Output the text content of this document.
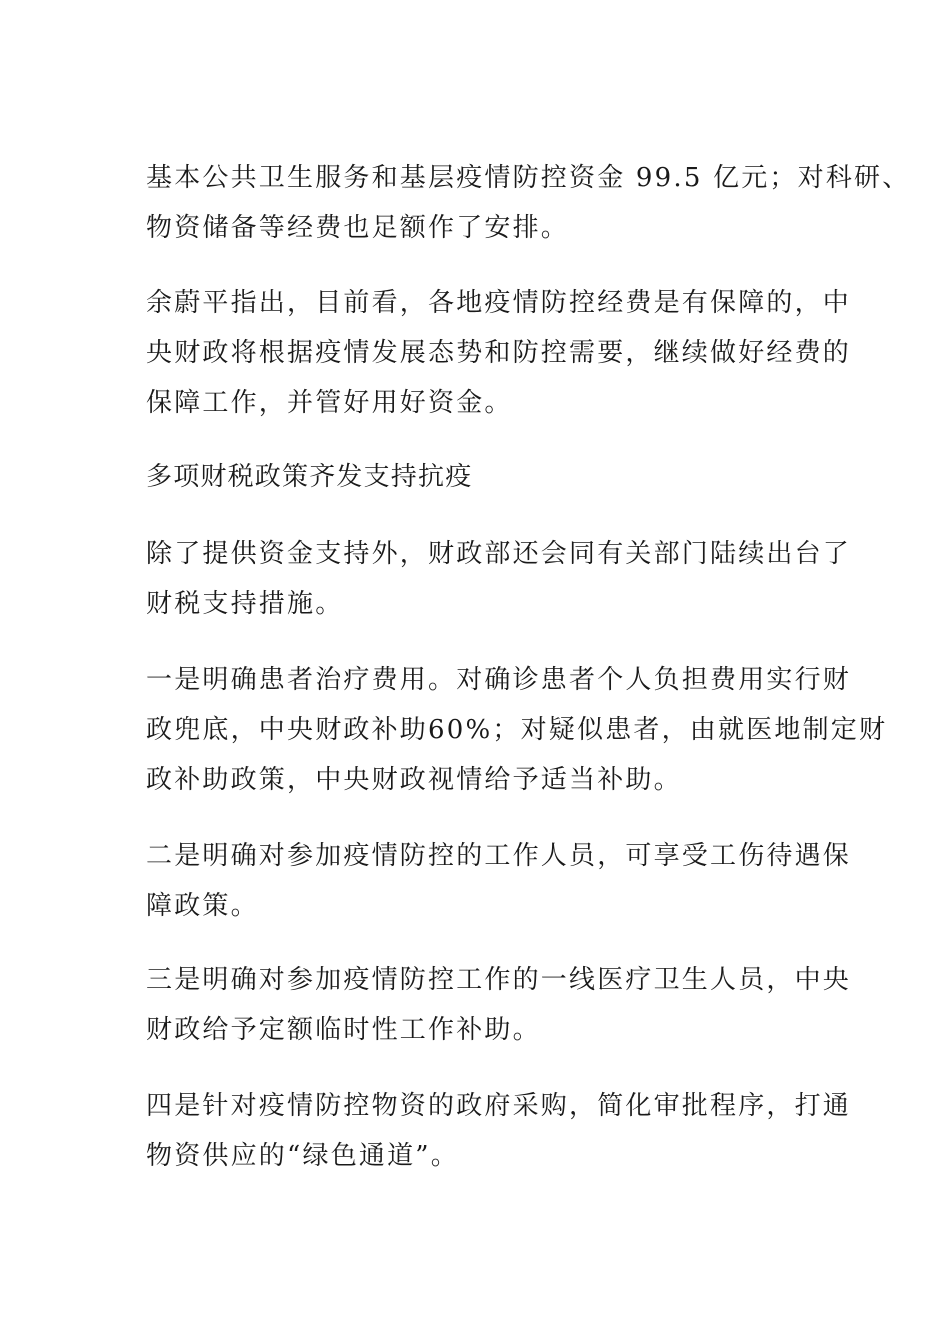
基本公共卫生服务和基层疫情防控资金 99.5 亿元；对科研、
物资储备等经费也足额作了安排。

余蔚平指出，目前看，各地疫情防控经费是有保障的，中
央财政将根据疫情发展态势和防控需要，继续做好经费的
保障工作，并管好用好资金。

多项财税政策齐发支持抗疫

除了提供资金支持外，财政部还会同有关部门陆续出台了
财税支持措施。

一是明确患者治疗费用。对确诊患者个人负担费用实行财
政兜底，中央财政补助60%；对疑似患者，由就医地制定财
政补助政策，中央财政视情给予适当补助。

二是明确对参加疫情防控的工作人员，可享受工伤待遇保
障政策。

三是明确对参加疫情防控工作的一线医疗卫生人员，中央
财政给予定额临时性工作补助。

四是针对疫情防控物资的政府采购，简化审批程序，打通
物资供应的“绿色通道”。
